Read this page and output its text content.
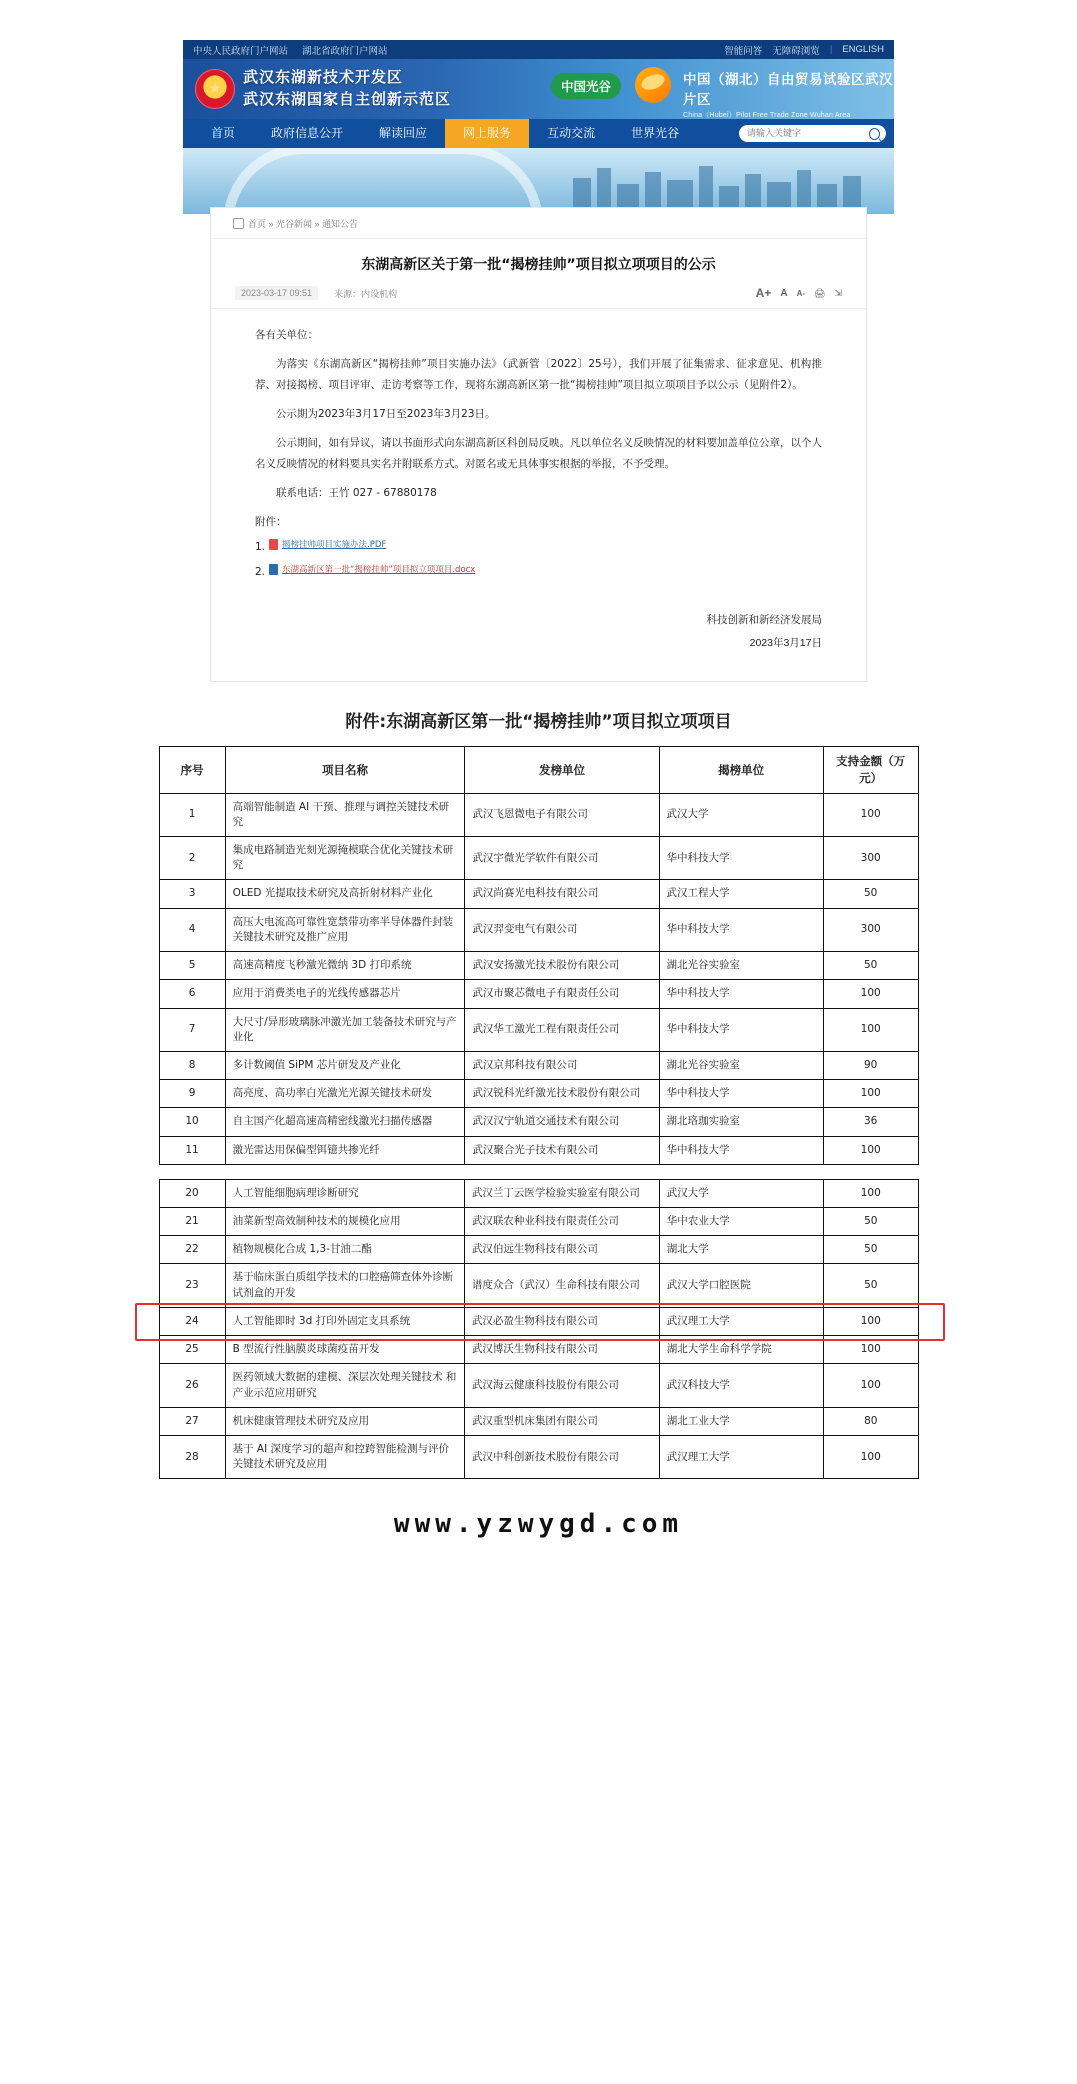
中央人民政府门户网站 湖北省政府门户网站	智能问答 无障碍浏览 | ENGLISH
★
武汉东湖新技术开发区
武汉东湖国家自主创新示范区
中国光谷	中国（湖北）自由贸易试验区武汉片区
China（Hubei）Pilot Free Trade Zone Wuhan Area
首页	政府信息公开	解读回应	网上服务	互动交流	世界光谷
请输入关键字
首页 » 光谷新闻 » 通知公告
东湖高新区关于第一批“揭榜挂帅”项目拟立项项目的公示
2023-03-17 09:51	来源：内设机构	A+ A A- 🖨 ⇲

各有关单位：

为落实《东湖高新区“揭榜挂帅”项目实施办法》（武新管〔2022〕25号），我们开展了征集需求、征求意见、机构推荐、对接揭榜、项目评审、走访考察等工作，现将东湖高新区第一批“揭榜挂帅”项目拟立项项目予以公示（见附件2）。

公示期为2023年3月17日至2023年3月23日。

公示期间，如有异议，请以书面形式向东湖高新区科创局反映。凡以单位名义反映情况的材料要加盖单位公章，以个人名义反映情况的材料要具实名并附联系方式。对匿名或无具体事实根据的举报，不予受理。

联系电话：王竹 027 - 67880178

附件：
1. 揭榜挂帅项目实施办法.PDF
2. 东湖高新区第一批“揭榜挂帅”项目拟立项项目.docx
科技创新和新经济发展局
2023年3月17日
附件:东湖高新区第一批“揭榜挂帅”项目拟立项项目
序号	项目名称	发榜单位	揭榜单位	支持金额（万元）
1	高端智能制造 AI 干预、推理与调控关键技术研究	武汉飞恩微电子有限公司	武汉大学	100
2	集成电路制造光刻光源掩模联合优化关键技术研究	武汉宇微光学软件有限公司	华中科技大学	300
3	OLED 光提取技术研究及高折射材料产业化	武汉尚赛光电科技有限公司	武汉工程大学	50
4	高压大电流高可靠性宽禁带功率半导体器件封装关键技术研究及推广应用	武汉羿变电气有限公司	华中科技大学	300
5	高速高精度飞秒激光微纳 3D 打印系统	武汉安扬激光技术股份有限公司	湖北光谷实验室	50
6	应用于消费类电子的光线传感器芯片	武汉市聚芯微电子有限责任公司	华中科技大学	100
7	大尺寸/异形玻璃脉冲激光加工装备技术研究与产业化	武汉华工激光工程有限责任公司	华中科技大学	100
8	多计数阈值 SiPM 芯片研发及产业化	武汉京邦科技有限公司	湖北光谷实验室	90
9	高亮度、高功率白光激光光源关键技术研发	武汉锐科光纤激光技术股份有限公司	华中科技大学	100
10	自主国产化超高速高精密线激光扫描传感器	武汉汉宁轨道交通技术有限公司	湖北珞珈实验室	36
11	激光雷达用保偏型铒镱共掺光纤	武汉聚合光子技术有限公司	华中科技大学	100
20	人工智能细胞病理诊断研究	武汉兰丁云医学检验实验室有限公司	武汉大学	100
21	油菜新型高效制种技术的规模化应用	武汉联农种业科技有限责任公司	华中农业大学	50
22	植物规模化合成 1,3-甘油二酯	武汉伯远生物科技有限公司	湖北大学	50
23	基于临床蛋白质组学技术的口腔癌筛查体外诊断试剂盒的开发	谱度众合（武汉）生命科技有限公司	武汉大学口腔医院	50
24	人工智能即时 3d 打印外固定支具系统	武汉必盈生物科技有限公司	武汉理工大学	100
25	B 型流行性脑膜炎球菌疫苗开发	武汉博沃生物科技有限公司	湖北大学生命科学学院	100
26	医药领域大数据的建模、深层次处理关键技术 和产业示范应用研究	武汉海云健康科技股份有限公司	武汉科技大学	100
27	机床健康管理技术研究及应用	武汉重型机床集团有限公司	湖北工业大学	80
28	基于 AI 深度学习的超声和控跨智能检测与评价关键技术研究及应用	武汉中科创新技术股份有限公司	武汉理工大学	100
www.yzwygd.com
